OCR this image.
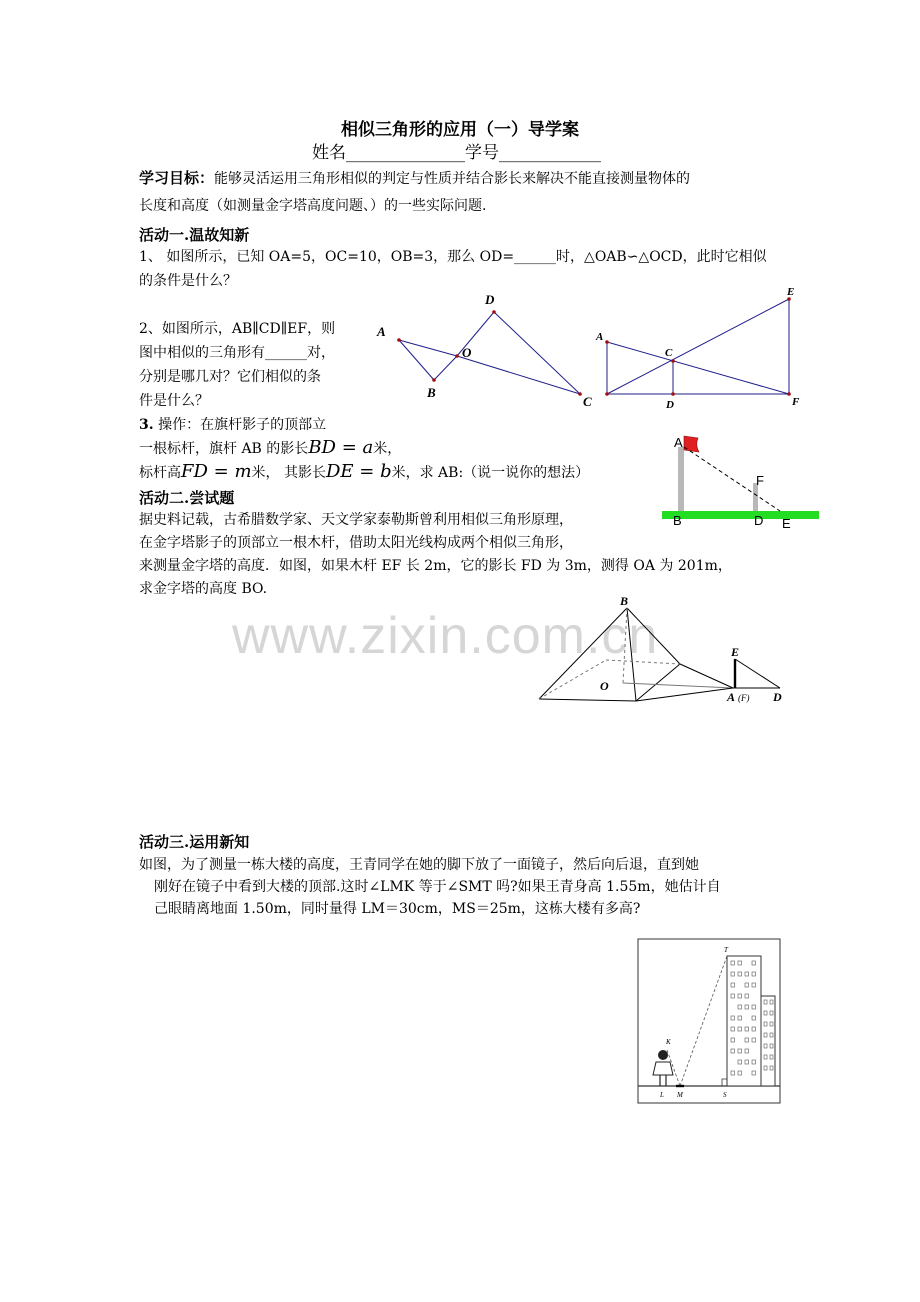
www.zixin.com.cn
相似三角形的应用（一）导学案
姓名______________学号____________
学习目标：能够灵活运用三角形相似的判定与性质并结合影长来解决不能直接测量物体的
长度和高度（如测量金字塔高度问题、）的一些实际问题.
活动一.温故知新
1、 如图所示，已知 OA=5，OC=10，OB=3，那么 OD=______时，△OAB∽△OCD，此时它相似
的条件是什么？
2、如图所示，AB∥CD∥EF，则
图中相似的三角形有______对，
分别是哪几对？它们相似的条
件是什么？
3. 操作：在旗杆影子的顶部立
一根标杆，旗杆 AB 的影长BD = a米，
标杆高FD = m米， 其影长DE = b米，求 AB:（说一说你的想法）
活动二.尝试题
据史料记载，古希腊数学家、天文学家泰勒斯曾利用相似三角形原理，
在金字塔影子的顶部立一根木杆，借助太阳光线构成两个相似三角形，
来测量金字塔的高度．如图，如果木杆 EF 长 2m，它的影长 FD 为 3m，测得 OA 为 201m，
求金字塔的高度 BO.
活动三.运用新知
如图，为了测量一栋大楼的高度，王青同学在她的脚下放了一面镜子，然后向后退，直到她
刚好在镜子中看到大楼的顶部.这时∠LMK 等于∠SMT 吗?如果王青身高 1.55m，她估计自
己眼睛离地面 1.50m，同时量得 LM＝30cm，MS＝25m，这栋大楼有多高?
A
B
O
D
C
A
C
E
D	F
A
F
B	D E
B
O
E
A (F) D
T
K
L M	S
